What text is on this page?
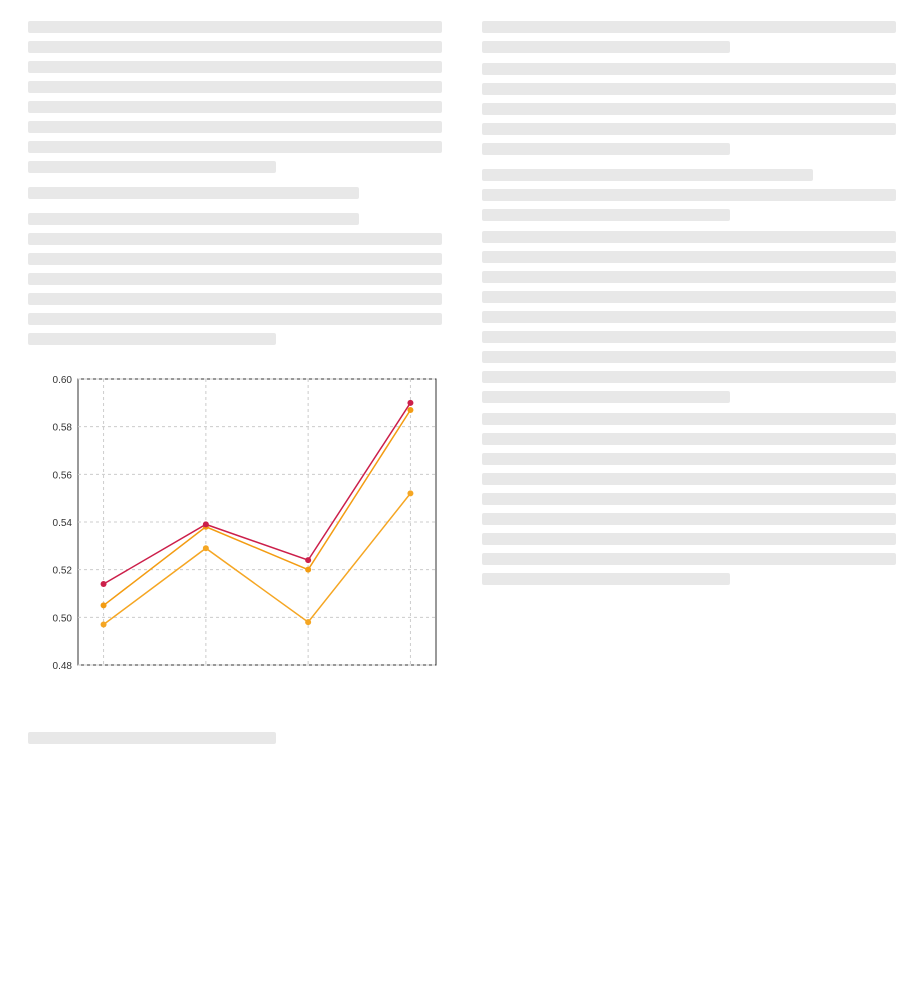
0.48
0.50
0.52
0.54
0.56
0.58
0.60
